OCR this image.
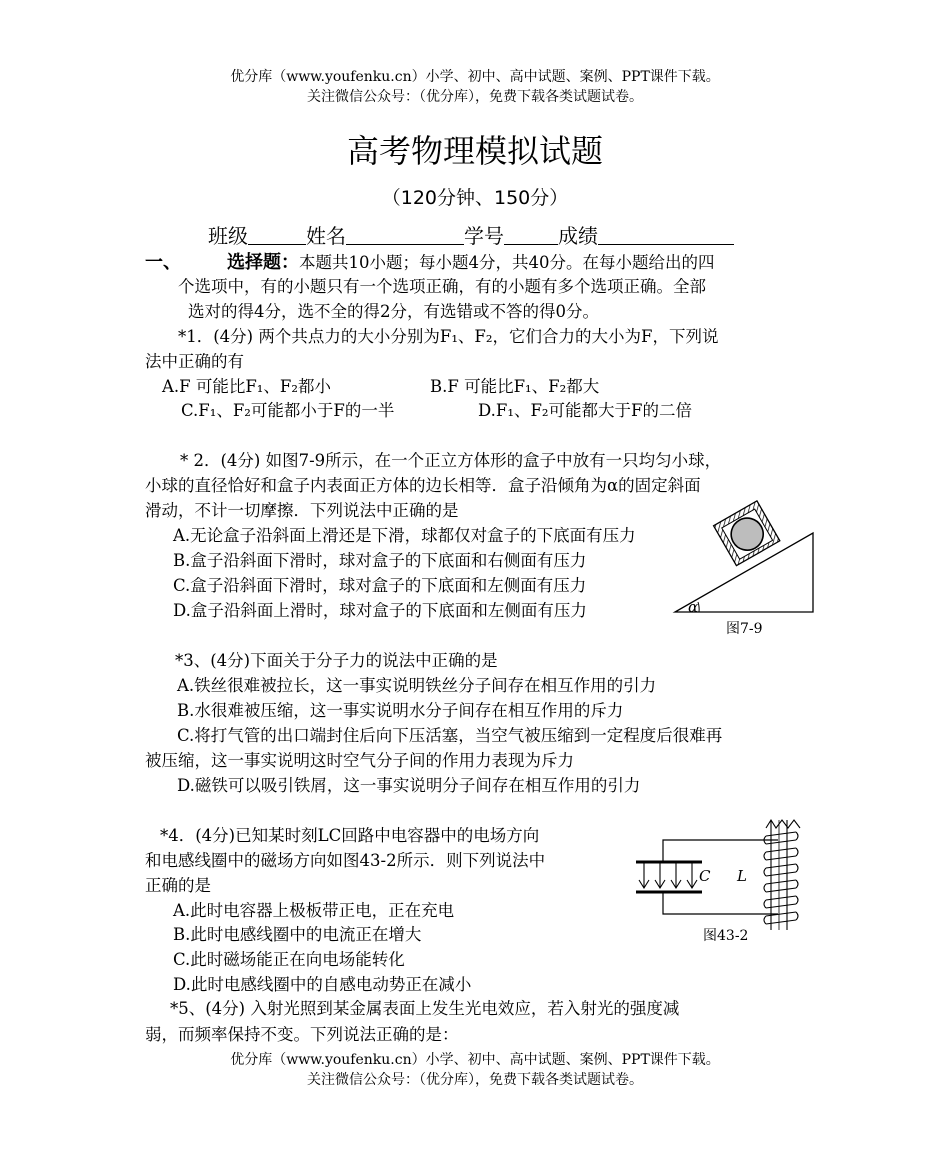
优分库（www.youfenku.cn）小学、初中、高中试题、案例、PPT课件下载。
关注微信公众号：（优分库），免费下载各类试题试卷。
高考物理模拟试题
（120分钟、150分）
班级	姓名	学号	成绩
一、	选择题：本题共10小题；每小题4分，共40分。在每小题给出的四
个选项中，有的小题只有一个选项正确，有的小题有多个选项正确。全部
选对的得4分，选不全的得2分，有选错或不答的得0分。
*1．(4分) 两个共点力的大小分别为F₁、F₂，它们合力的大小为F，下列说
法中正确的有
A.F 可能比F₁、F₂都小	B.F 可能比F₁、F₂都大
C.F₁、F₂可能都小于F的一半	D.F₁、F₂可能都大于F的二倍
* 2．(4分) 如图7-9所示，在一个正立方体形的盒子中放有一只均匀小球，
小球的直径恰好和盒子内表面正方体的边长相等．盒子沿倾角为α的固定斜面
滑动，不计一切摩擦．下列说法中正确的是
A.无论盒子沿斜面上滑还是下滑，球都仅对盒子的下底面有压力
B.盒子沿斜面下滑时，球对盒子的下底面和右侧面有压力
C.盒子沿斜面下滑时，球对盒子的下底面和左侧面有压力
D.盒子沿斜面上滑时，球对盒子的下底面和左侧面有压力	α
图7-9
*3、(4分)下面关于分子力的说法中正确的是
A.铁丝很难被拉长，这一事实说明铁丝分子间存在相互作用的引力
B.水很难被压缩，这一事实说明水分子间存在相互作用的斥力
C.将打气管的出口端封住后向下压活塞，当空气被压缩到一定程度后很难再
被压缩，这一事实说明这时空气分子间的作用力表现为斥力
D.磁铁可以吸引铁屑，这一事实说明分子间存在相互作用的引力
*4．(4分)已知某时刻LC回路中电容器中的电场方向
和电感线圈中的磁场方向如图43-2所示．则下列说法中
正确的是
A.此时电容器上极板带正电，正在充电
B.此时电感线圈中的电流正在增大
C.此时磁场能正在向电场能转化
D.此时电感线圈中的自感电动势正在减小
C L
图43-2
*5、(4分) 入射光照到某金属表面上发生光电效应，若入射光的强度减
弱，而频率保持不变。下列说法正确的是：
优分库（www.youfenku.cn）小学、初中、高中试题、案例、PPT课件下载。
关注微信公众号：（优分库），免费下载各类试题试卷。
